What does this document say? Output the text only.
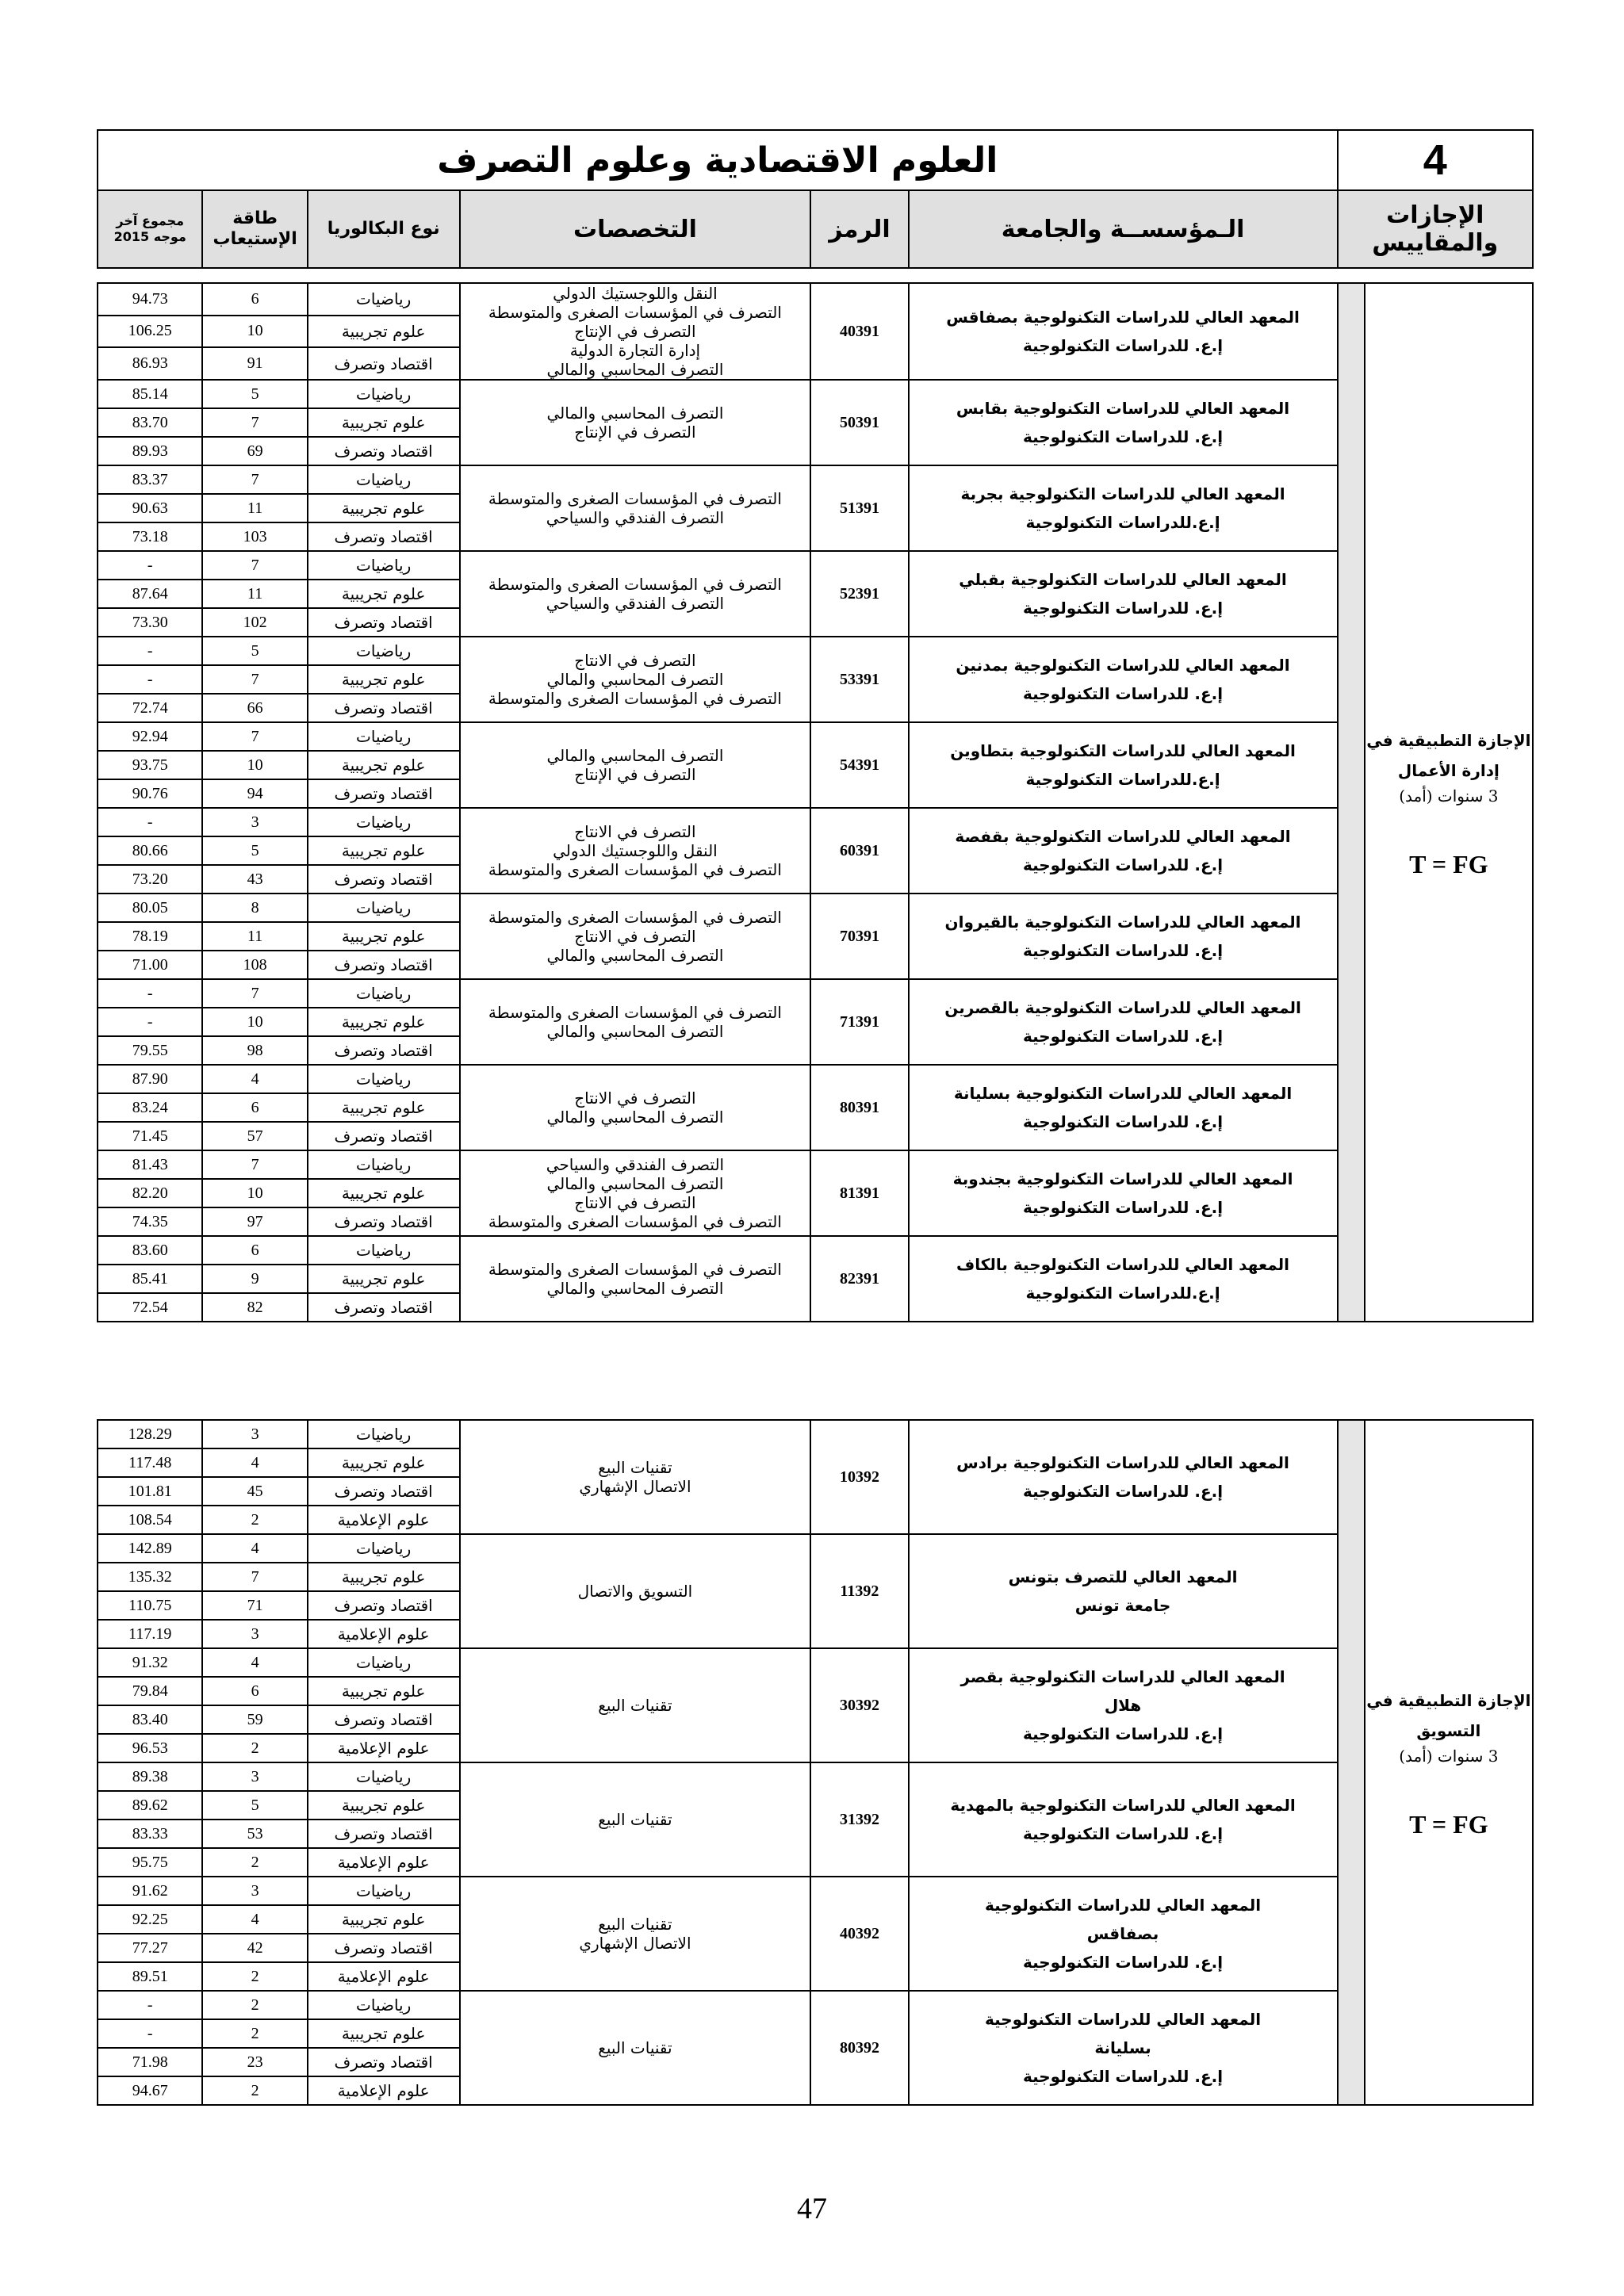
4	العلوم الاقتصادية وعلوم التصرف					
الإجازات والمقاييس	الـمؤسســة والجامعة	الرمز	التخصصات	نوع البكالوريا	طاقة الإستيعاب	مجموع آخر موجه 2015
الإجازة التطبيقية في إدارة الأعمال
3 سنوات (أمد)
T = FG		المعهد العالي للدراسات التكنولوجية بصفاقس
إ.ع. للدراسات التكنولوجية	40391	النقل واللوجستيك الدولي
التصرف في المؤسسات الصغرى والمتوسطة
التصرف في الإنتاج
إدارة التجارة الدولية
التصرف المحاسبي والمالي	رياضيات	6	94.73
					علوم تجريبية	10	106.25
					اقتصاد وتصرف	91	86.93

		المعهد العالي للدراسات التكنولوجية بقابس
إ.ع. للدراسات التكنولوجية	50391	التصرف المحاسبي والمالي
التصرف في الإنتاج	رياضيات	5	85.14
					علوم تجريبية	7	83.70
					اقتصاد وتصرف	69	89.93

		المعهد العالي للدراسات التكنولوجية بجربة
إ.ع.للدراسات التكنولوجية	51391	التصرف في المؤسسات الصغرى والمتوسطة
التصرف الفندقي والسياحي	رياضيات	7	83.37
					علوم تجريبية	11	90.63
					اقتصاد وتصرف	103	73.18

		المعهد العالي للدراسات التكنولوجية بقبلي
إ.ع. للدراسات التكنولوجية	52391	التصرف في المؤسسات الصغرى والمتوسطة
التصرف الفندقي والسياحي	رياضيات	7	-
					علوم تجريبية	11	87.64
					اقتصاد وتصرف	102	73.30

		المعهد العالي للدراسات التكنولوجية بمدنين
إ.ع. للدراسات التكنولوجية	53391	التصرف في الانتاج
التصرف المحاسبي والمالي
التصرف في المؤسسات الصغرى والمتوسطة	رياضيات	5	-
					علوم تجريبية	7	-
					اقتصاد وتصرف	66	72.74

		المعهد العالي للدراسات التكنولوجية بتطاوين
إ.ع.للدراسات التكنولوجية	54391	التصرف المحاسبي والمالي
التصرف في الإنتاج	رياضيات	7	92.94
					علوم تجريبية	10	93.75
					اقتصاد وتصرف	94	90.76

		المعهد العالي للدراسات التكنولوجية بقفصة
إ.ع. للدراسات التكنولوجية	60391	التصرف في الانتاج
النقل واللوجستيك الدولي
التصرف في المؤسسات الصغرى والمتوسطة	رياضيات	3	-
					علوم تجريبية	5	80.66
					اقتصاد وتصرف	43	73.20

		المعهد العالي للدراسات التكنولوجية بالقيروان
إ.ع. للدراسات التكنولوجية	70391	التصرف في المؤسسات الصغرى والمتوسطة
التصرف في الانتاج
التصرف المحاسبي والمالي	رياضيات	8	80.05
					علوم تجريبية	11	78.19
					اقتصاد وتصرف	108	71.00

		المعهد العالي للدراسات التكنولوجية بالقصرين
إ.ع. للدراسات التكنولوجية	71391	التصرف في المؤسسات الصغرى والمتوسطة
التصرف المحاسبي والمالي	رياضيات	7	-
					علوم تجريبية	10	-
					اقتصاد وتصرف	98	79.55

		المعهد العالي للدراسات التكنولوجية بسليانة
إ.ع. للدراسات التكنولوجية	80391	التصرف في الانتاج
التصرف المحاسبي والمالي	رياضيات	4	87.90
					علوم تجريبية	6	83.24
					اقتصاد وتصرف	57	71.45

		المعهد العالي للدراسات التكنولوجية بجندوبة
إ.ع. للدراسات التكنولوجية	81391	التصرف الفندقي والسياحي
التصرف المحاسبي والمالي
التصرف في الانتاج
التصرف في المؤسسات الصغرى والمتوسطة	رياضيات	7	81.43
					علوم تجريبية	10	82.20
					اقتصاد وتصرف	97	74.35

		المعهد العالي للدراسات التكنولوجية بالكاف
إ.ع.للدراسات التكنولوجية	82391	التصرف في المؤسسات الصغرى والمتوسطة
التصرف المحاسبي والمالي	رياضيات	6	83.60
					علوم تجريبية	9	85.41
					اقتصاد وتصرف	82	72.54
الإجازة التطبيقية في التسويق
3 سنوات (أمد)
T = FG		المعهد العالي للدراسات التكنولوجية برادس
إ.ع. للدراسات التكنولوجية	10392	تقنيات البيع
الاتصال الإشهاري	رياضيات	3	128.29
					علوم تجريبية	4	117.48
					اقتصاد وتصرف	45	101.81
					علوم الإعلامية	2	108.54

		المعهد العالي للتصرف بتونس
جامعة تونس	11392	التسويق والاتصال	رياضيات	4	142.89
					علوم تجريبية	7	135.32
					اقتصاد وتصرف	71	110.75
					علوم الإعلامية	3	117.19

		المعهد العالي للدراسات التكنولوجية بقصر
هلال
إ.ع. للدراسات التكنولوجية	30392	تقنيات البيع	رياضيات	4	91.32
					علوم تجريبية	6	79.84
					اقتصاد وتصرف	59	83.40
					علوم الإعلامية	2	96.53

		المعهد العالي للدراسات التكنولوجية بالمهدية
إ.ع. للدراسات التكنولوجية	31392	تقنيات البيع	رياضيات	3	89.38
					علوم تجريبية	5	89.62
					اقتصاد وتصرف	53	83.33
					علوم الإعلامية	2	95.75

		المعهد العالي للدراسات التكنولوجية
بصفاقس
إ.ع. للدراسات التكنولوجية	40392	تقنيات البيع
الاتصال الإشهاري	رياضيات	3	91.62
					علوم تجريبية	4	92.25
					اقتصاد وتصرف	42	77.27
					علوم الإعلامية	2	89.51

		المعهد العالي للدراسات التكنولوجية
بسليانة
إ.ع. للدراسات التكنولوجية	80392	تقنيات البيع	رياضيات	2	-
					علوم تجريبية	2	-
					اقتصاد وتصرف	23	71.98
					علوم الإعلامية	2	94.67
47
